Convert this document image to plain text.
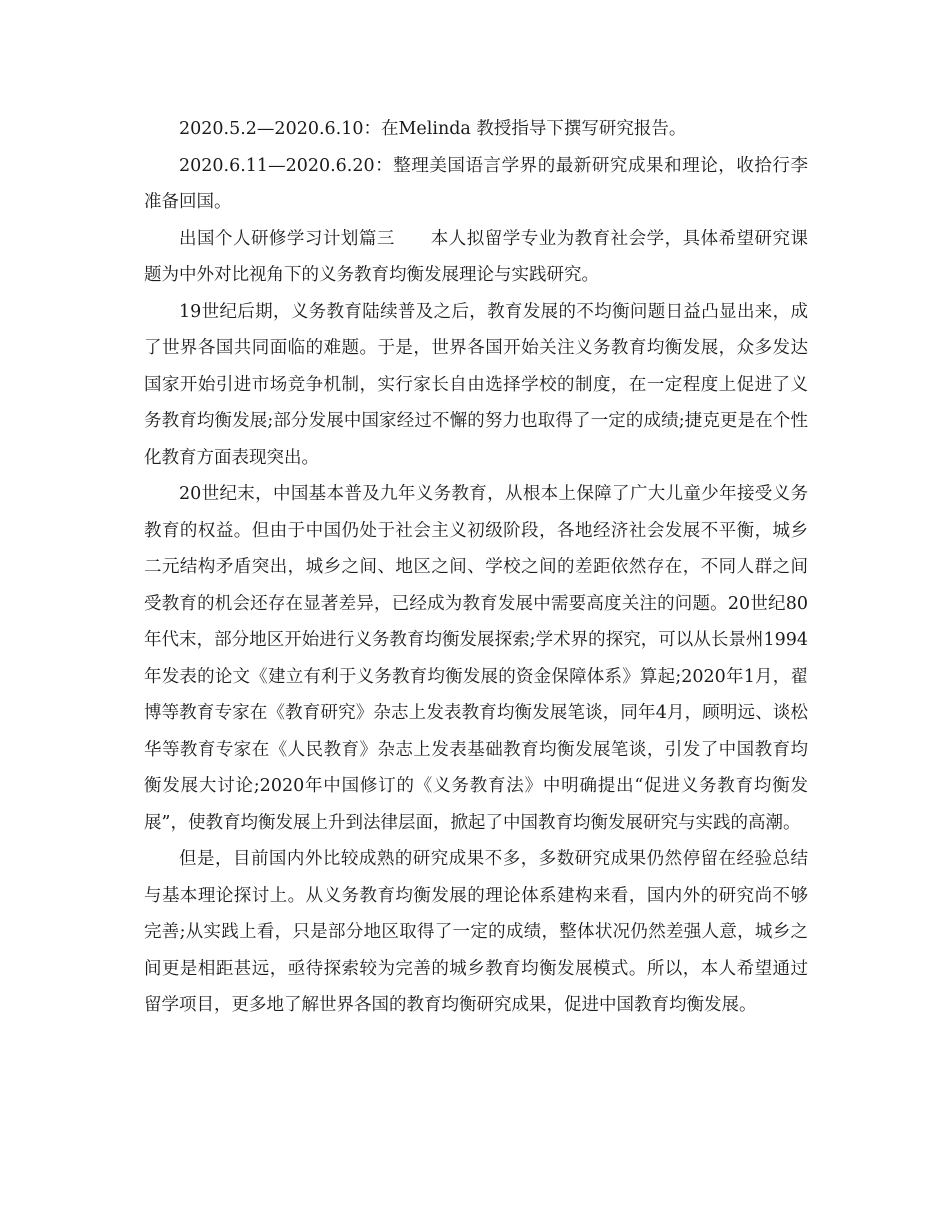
2020.5.2—2020.6.10：在Melinda 教授指导下撰写研究报告。

2020.6.11—2020.6.20：整理美国语言学界的最新研究成果和理论，收拾行李准备回国。

出国个人研修学习计划篇三　　本人拟留学专业为教育社会学，具体希望研究课题为中外对比视角下的义务教育均衡发展理论与实践研究。

19世纪后期，义务教育陆续普及之后，教育发展的不均衡问题日益凸显出来，成了世界各国共同面临的难题。于是，世界各国开始关注义务教育均衡发展，众多发达国家开始引进市场竞争机制，实行家长自由选择学校的制度，在一定程度上促进了义务教育均衡发展;部分发展中国家经过不懈的努力也取得了一定的成绩;捷克更是在个性化教育方面表现突出。

20世纪末，中国基本普及九年义务教育，从根本上保障了广大儿童少年接受义务教育的权益。但由于中国仍处于社会主义初级阶段，各地经济社会发展不平衡，城乡二元结构矛盾突出，城乡之间、地区之间、学校之间的差距依然存在，不同人群之间受教育的机会还存在显著差异，已经成为教育发展中需要高度关注的问题。20世纪80年代末，部分地区开始进行义务教育均衡发展探索;学术界的探究，可以从长景州1994年发表的论文《建立有利于义务教育均衡发展的资金保障体系》算起;2020年1月，翟博等教育专家在《教育研究》杂志上发表教育均衡发展笔谈，同年4月，顾明远、谈松华等教育专家在《人民教育》杂志上发表基础教育均衡发展笔谈，引发了中国教育均衡发展大讨论;2020年中国修订的《义务教育法》中明确提出“促进义务教育均衡发展”，使教育均衡发展上升到法律层面，掀起了中国教育均衡发展研究与实践的高潮。

但是，目前国内外比较成熟的研究成果不多，多数研究成果仍然停留在经验总结与基本理论探讨上。从义务教育均衡发展的理论体系建构来看，国内外的研究尚不够完善;从实践上看，只是部分地区取得了一定的成绩，整体状况仍然差强人意，城乡之间更是相距甚远，亟待探索较为完善的城乡教育均衡发展模式。所以，本人希望通过留学项目，更多地了解世界各国的教育均衡研究成果，促进中国教育均衡发展。
